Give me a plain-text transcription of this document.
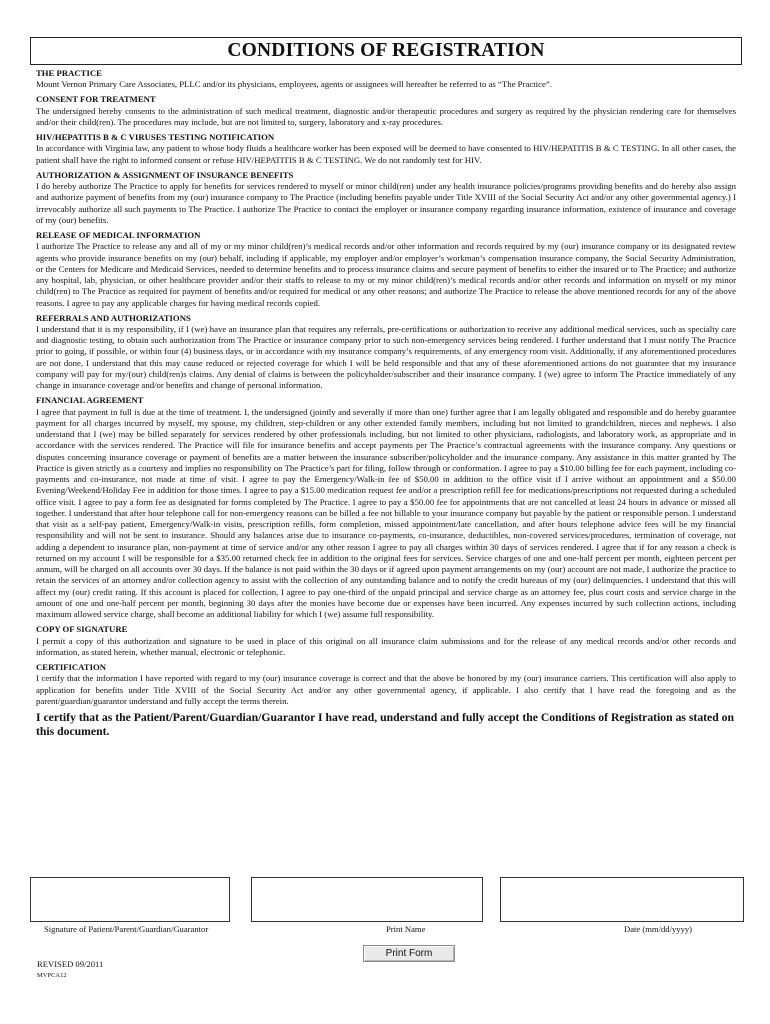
CONDITIONS OF REGISTRATION

THE PRACTICE

Mount Vernon Primary Care Associates, PLLC and/or its physicians, employees, agents or assignees will hereafter be referred to as “The Practice”.

CONSENT FOR TREATMENT

The undersigned hereby consents to the administration of such medical treatment, diagnostic and/or therapeutic procedures and surgery as required by the physician rendering care for themselves and/or their child(ren). The procedures may include, but are not limited to, surgery, laboratory and x-ray procedures.

HIV/HEPATITIS B & C VIRUSES TESTING NOTIFICATION

In accordance with Virginia law, any patient to whose body fluids a healthcare worker has been exposed will be deemed to have consented to HIV/HEPATITIS B & C TESTING. In all other cases, the patient shall have the right to informed consent or refuse HIV/HEPATITIS B & C TESTING. We do not randomly test for HIV.

AUTHORIZATION & ASSIGNMENT OF INSURANCE BENEFITS

I do hereby authorize The Practice to apply for benefits for services rendered to myself or minor child(ren) under any health insurance policies/programs providing benefits and do hereby also assign and authorize payment of benefits from my (our) insurance company to The Practice (including benefits payable under Title XVIII of the Social Security Act and/or any other governmental agency.) I irrevocably authorize all such payments to The Practice. I authorize The Practice to contact the employer or insurance company regarding insurance information, existence of insurance and coverage of my (our) benefits.

RELEASE OF MEDICAL INFORMATION

I authorize The Practice to release any and all of my or my minor child(ren)’s medical records and/or other information and records required by my (our) insurance company or its designated review agents who provide insurance benefits on my (our) behalf, including if applicable, my employer and/or employer’s workman’s compensation insurance company, the Social Security Administration, or the Centers for Medicare and Medicaid Services, needed to determine benefits and to process insurance claims and secure payment of benefits to either the insured or to The Practice; and authorize any hospital, lab, physician, or other healthcare provider and/or their staffs to release to my or my minor child(ren)’s medical records and/or other records and information on myself or my minor child(ren) to The Practice as required for payment of benefits and/or required for medical or any other reasons; and authorize The Practice to release the above mentioned records for any of the above reasons. I agree to pay any applicable charges for having medical records copied.

REFERRALS AND AUTHORIZATIONS

I understand that it is my responsibility, if I (we) have an insurance plan that requires any referrals, pre-certifications or authorization to receive any additional medical services, such as specialty care and diagnostic testing, to obtain such authorization from The Practice or insurance company prior to such non-emergency services being rendered. I further understand that I must notify The Practice prior to going, if possible, or within four (4) business days, or in accordance with my insurance company’s requirements, of any emergency room visit. Additionally, if any aforementioned procedures are not done, I understand that this may cause reduced or rejected coverage for which I will be held responsible and that any of these aforementioned actions do not guarantee that my insurance company will pay for my/(our) child(ren)s claims. Any denial of claims is between the policyholder/subscriber and their insurance company. I (we) agree to inform The Practice immediately of any change in insurance coverage and/or benefits and change of personal information.

FINANCIAL AGREEMENT

I agree that payment in full is due at the time of treatment. I, the undersigned (jointly and severally if more than one) further agree that I am legally obligated and responsible and do hereby guarantee payment for all charges incurred by myself, my spouse, my children, step-children or any other extended family members, including but not limited to grandchildren, nieces and nephews. I also understand that I (we) may be billed separately for services rendered by other professionals including, but not limited to other physicians, radiologists, and laboratory work, as appropriate and in accordance with the services rendered. The Practice will file for insurance benefits and accept payments per The Practice’s contractual agreements with the insurance company. Any questions or disputes concerning insurance coverage or payment of benefits are a matter between the insurance subscriber/policyholder and the insurance company. Any assistance in this matter granted by The Practice is given strictly as a courtesy and implies no responsibility on The Practice’s part for filing, follow through or conformation. I agree to pay a $10.00 billing fee for each payment, including co-payments and co-insurance, not made at time of visit. I agree to pay the Emergency/Walk-in fee of $50.00 in addition to the office visit if I arrive without an appointment and a $50.00 Evening/Weekend/Holiday Fee in addition for those times. I agree to pay a $15.00 medication request fee and/or a prescription refill fee for medications/prescriptions not requested during a scheduled office visit. I agree to pay a form fee as designated for forms completed by The Practice. I agree to pay a $50.00 fee for appointments that are not cancelled at least 24 hours in advance or missed all together. I understand that after hour telephone call for non-emergency reasons can be billed a fee not billable to your insurance company but payable by the patient or responsible person. I understand that visit as a self-pay patient, Emergency/Walk-in visits, prescription refills, form completion, missed appointment/late cancellation, and after hours telephone advice fees will be my financial responsibility and will not be sent to insurance. Should any balances arise due to insurance co-payments, co-insurance, deductibles, non-covered services/procedures, termination of coverage, not adding a dependent to insurance plan, non-payment at time of service and/or any other reason I agree to pay all charges within 30 days of services rendered. I agree that if for any reason a check is returned on my account I will be responsible for a $35.00 returned check fee in addition to the original fees for services. Service charges of one and one-half percent per month, eighteen percent per annum, will be charged on all accounts over 30 days. If the balance is not paid within the 30 days or if agreed upon payment arrangements on my (our) account are not made, I authorize the practice to retain the services of an attorney and/or collection agency to assist with the collection of any outstanding balance and to notify the credit bureaus of my (our) delinquencies. I understand that this will affect my (our) credit rating. If this account is placed for collection, I agree to pay one-third of the unpaid principal and service charge as an attorney fee, plus court costs and service charge in the amount of one and one-half percent per month, beginning 30 days after the monies have become due or expenses have been incurred. Any expenses incurred by such collection actions, including maximum allowed service charge, shall become an additional liability for which I (we) assume full responsibility.

COPY OF SIGNATURE

I permit a copy of this authorization and signature to be used in place of this original on all insurance claim submissions and for the release of any medical records and/or other records and information, as stated herein, whether manual, electronic or telephonic.

CERTIFICATION

I certify that the information I have reported with regard to my (our) insurance coverage is correct and that the above be honored by my (our) insurance carriers. This certification will also apply to application for benefits under Title XVIII of the Social Security Act and/or any other governmental agency, if applicable. I also certify that I have read the foregoing and as the parent/guardian/guarantor understand and fully accept the terms therein.

I certify that as the Patient/Parent/Guardian/Guarantor I have read, understand and fully accept the Conditions of Registration as stated on this document.

Signature of Patient/Parent/Guardian/Guarantor	Print Name	Date (mm/dd/yyyy)
Print Form
REVISED 09/2011
MVPCA12
